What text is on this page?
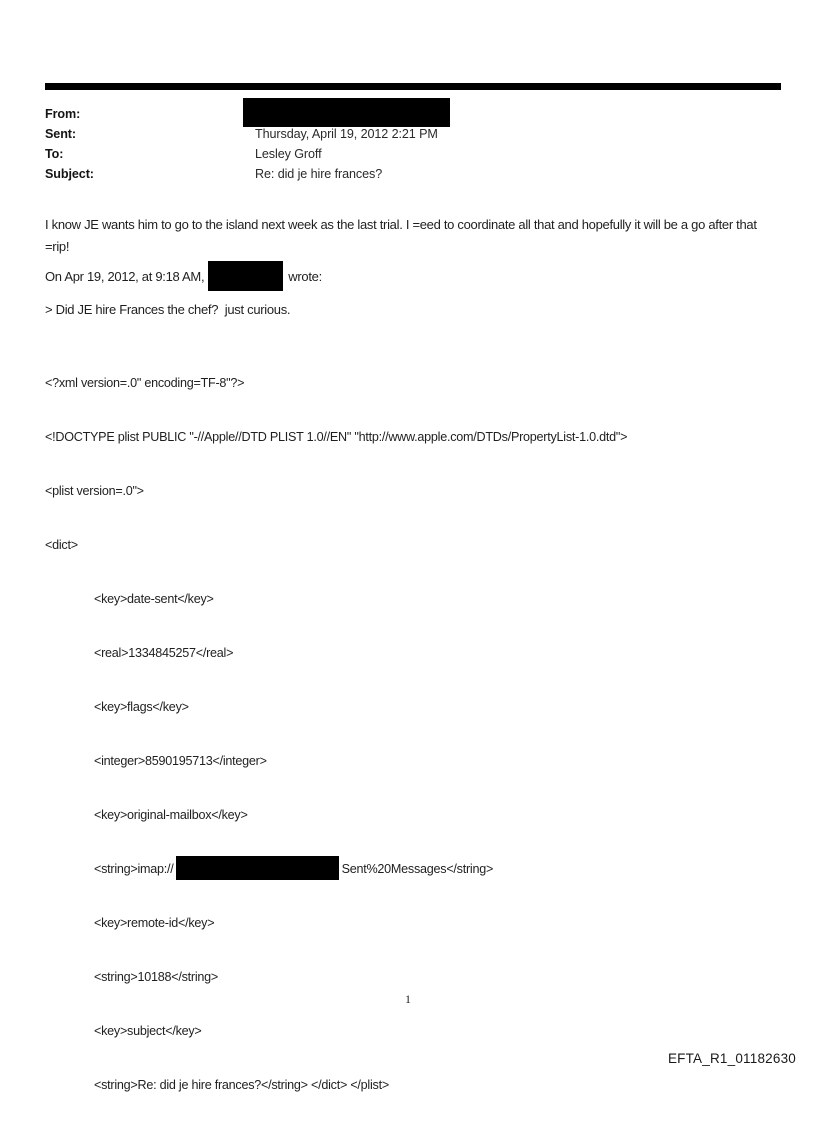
From:
Sent:	Thursday, April 19, 2012 2:21 PM
To:	Lesley Groff
Subject:	Re: did je hire frances?
I know JE wants him to go to the island next week as the last trial. I =eed to coordinate all that and hopefully it will be a go after that =rip!
On Apr 19, 2012, at 9:18 AM,	wrote:
> Did JE hire Frances the chef?  just curious.

<?xml version=.0" encoding=TF-8"?>

<!DOCTYPE plist PUBLIC "-//Apple//DTD PLIST 1.0//EN" "http://www.apple.com/DTDs/PropertyList-1.0.dtd">

<plist version=.0">

<dict>

<key>date-sent</key>

<real>1334845257</real>

<key>flags</key>

<integer>8590195713</integer>

<key>original-mailbox</key>

<string>imap://	Sent%20Messages</string>

<key>remote-id</key>

<string>10188</string>

<key>subject</key>

<string>Re: did je hire frances?</string> </dict> </plist>

1
EFTA_R1_01182630
